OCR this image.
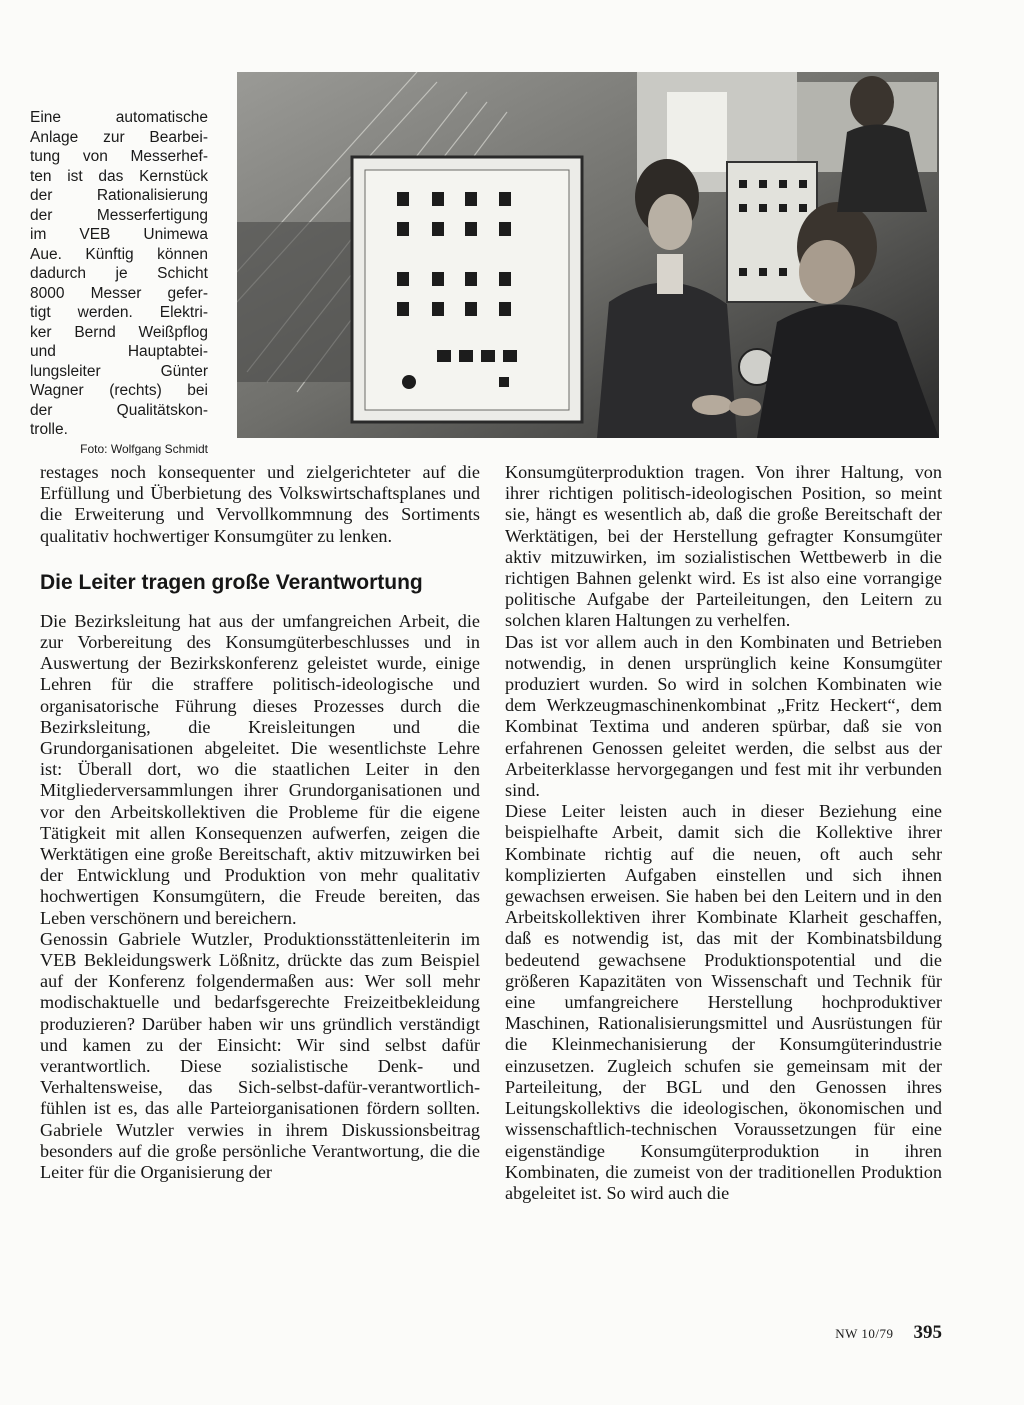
Eine automatische
Anlage zur Bearbei-
tung von Messerhef-
ten ist das Kernstück
der Rationalisierung
der Messerfertigung
im VEB Unimewa
Aue. Künftig können
dadurch je Schicht
8000 Messer gefer-
tigt werden. Elektri-
ker Bernd Weißpflog
und Hauptabtei-
lungsleiter Günter
Wagner (rechts) bei
der Qualitätskon-
trolle.
Foto: Wolfgang Schmidt

restages noch konsequenter und zielgerichteter auf die Erfüllung und Überbietung des Volkswirtschaftsplanes und die Erweiterung und Vervollkommnung des Sortiments qualitativ hochwertiger Konsumgüter zu lenken.

Die Leiter tragen große Verantwortung

Die Bezirksleitung hat aus der umfangreichen Arbeit, die zur Vorbereitung des Konsumgüterbeschlusses und in Auswertung der Bezirkskonferenz geleistet wurde, einige Lehren für die straffere politisch-ideologische und organisatorische Führung dieses Prozesses durch die Bezirksleitung, die Kreisleitungen und die Grundorganisationen abgeleitet. Die wesentlichste Lehre ist: Überall dort, wo die staatlichen Leiter in den Mitgliederversammlungen ihrer Grundorganisationen und vor den Arbeitskollektiven die Probleme für die eigene Tätigkeit mit allen Konsequenzen aufwerfen, zeigen die Werktätigen eine große Bereitschaft, aktiv mitzuwirken bei der Entwicklung und Produktion von mehr qualitativ hochwertigen Konsumgütern, die Freude bereiten, das Leben verschönern und bereichern.

Genossin Gabriele Wutzler, Produktionsstättenleiterin im VEB Bekleidungswerk Lößnitz, drückte das zum Beispiel auf der Konferenz folgendermaßen aus: Wer soll mehr modischaktuelle und bedarfsgerechte Freizeitbekleidung produzieren? Darüber haben wir uns gründlich verständigt und kamen zu der Einsicht: Wir sind selbst dafür verantwortlich. Diese sozialistische Denk- und Verhaltensweise, das Sich-selbst-dafür-verantwortlich-fühlen ist es, das alle Parteiorganisationen fördern sollten. Gabriele Wutzler verwies in ihrem Diskussionsbeitrag besonders auf die große persönliche Verantwortung, die die Leiter für die Organisierung der

Konsumgüterproduktion tragen. Von ihrer Haltung, von ihrer richtigen politisch-ideologischen Position, so meint sie, hängt es wesentlich ab, daß die große Bereitschaft der Werktätigen, bei der Herstellung gefragter Konsumgüter aktiv mitzuwirken, im sozialistischen Wettbewerb in die richtigen Bahnen gelenkt wird. Es ist also eine vorrangige politische Aufgabe der Parteileitungen, den Leitern zu solchen klaren Haltungen zu verhelfen.

Das ist vor allem auch in den Kombinaten und Betrieben notwendig, in denen ursprünglich keine Konsumgüter produziert wurden. So wird in solchen Kombinaten wie dem Werkzeugmaschinenkombinat „Fritz Heckert“, dem Kombinat Textima und anderen spürbar, daß sie von erfahrenen Genossen geleitet werden, die selbst aus der Arbeiterklasse hervorgegangen und fest mit ihr verbunden sind.

Diese Leiter leisten auch in dieser Beziehung eine beispielhafte Arbeit, damit sich die Kollektive ihrer Kombinate richtig auf die neuen, oft auch sehr komplizierten Aufgaben einstellen und sich ihnen gewachsen erweisen. Sie haben bei den Leitern und in den Arbeitskollektiven ihrer Kombinate Klarheit geschaffen, daß es notwendig ist, das mit der Kombinatsbildung bedeutend gewachsene Produktionspotential und die größeren Kapazitäten von Wissenschaft und Technik für eine umfangreichere Herstellung hochproduktiver Maschinen, Rationalisierungsmittel und Ausrüstungen für die Kleinmechanisierung der Konsumgüterindustrie einzusetzen. Zugleich schufen sie gemeinsam mit der Parteileitung, der BGL und den Genossen ihres Leitungskollektivs die ideologischen, ökonomischen und wissenschaftlich-technischen Voraussetzungen für eine eigenständige Konsumgüterproduktion in ihren Kombinaten, die zumeist von der traditionellen Produktion abgeleitet ist. So wird auch die

NW 10/79 395
